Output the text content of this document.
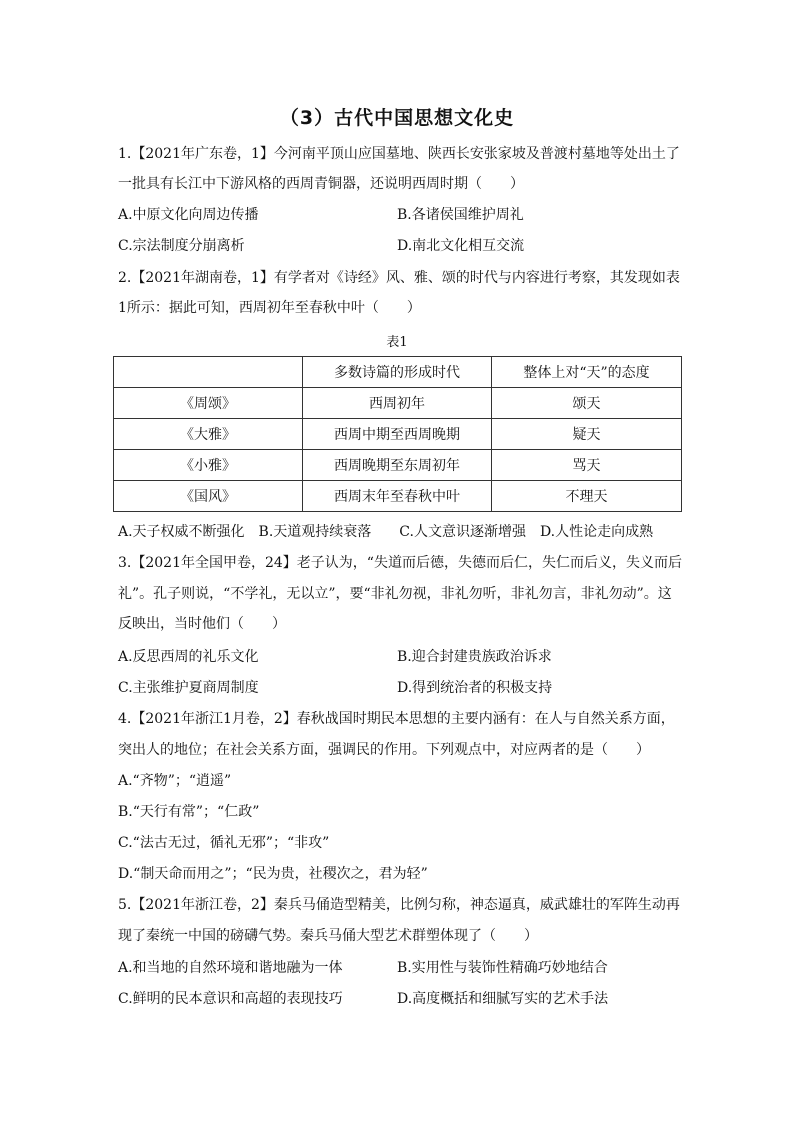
（3）古代中国思想文化史
1.【2021年广东卷，1】今河南平顶山应国墓地、陕西长安张家坡及普渡村墓地等处出土了
一批具有长江中下游风格的西周青铜器，还说明西周时期（　　）
A.中原文化向周边传播	B.各诸侯国维护周礼
C.宗法制度分崩离析	D.南北文化相互交流
2.【2021年湖南卷，1】有学者对《诗经》风、雅、颂的时代与内容进行考察，其发现如表
1所示：据此可知，西周初年至春秋中叶（　　）
表1
	多数诗篇的形成时代	整体上对“天”的态度
《周颂》	西周初年	颂天
《大雅》	西周中期至西周晚期	疑天
《小雅》	西周晚期至东周初年	骂天
《国风》	西周末年至春秋中叶	不理天
A.天子权威不断强化　B.天道观持续衰落　　C.人文意识逐渐增强　D.人性论走向成熟
3.【2021年全国甲卷，24】老子认为，“失道而后德，失德而后仁，失仁而后义，失义而后
礼”。孔子则说，“不学礼，无以立”，要“非礼勿视，非礼勿听，非礼勿言，非礼勿动”。这
反映出，当时他们（　　）
A.反思西周的礼乐文化	B.迎合封建贵族政治诉求
C.主张维护夏商周制度	D.得到统治者的积极支持
4.【2021年浙江1月卷，2】春秋战国时期民本思想的主要内涵有：在人与自然关系方面，
突出人的地位；在社会关系方面，强调民的作用。下列观点中，对应两者的是（　　）
A.“齐物”；“逍遥”
B.“天行有常”；“仁政”
C.“法古无过，循礼无邪”；“非攻”
D.“制天命而用之”；“民为贵，社稷次之，君为轻”
5.【2021年浙江卷，2】秦兵马俑造型精美，比例匀称，神态逼真，威武雄壮的军阵生动再
现了秦统一中国的磅礴气势。秦兵马俑大型艺术群塑体现了（　　）
A.和当地的自然环境和谐地融为一体	B.实用性与装饰性精确巧妙地结合
C.鲜明的民本意识和高超的表现技巧	D.高度概括和细腻写实的艺术手法
